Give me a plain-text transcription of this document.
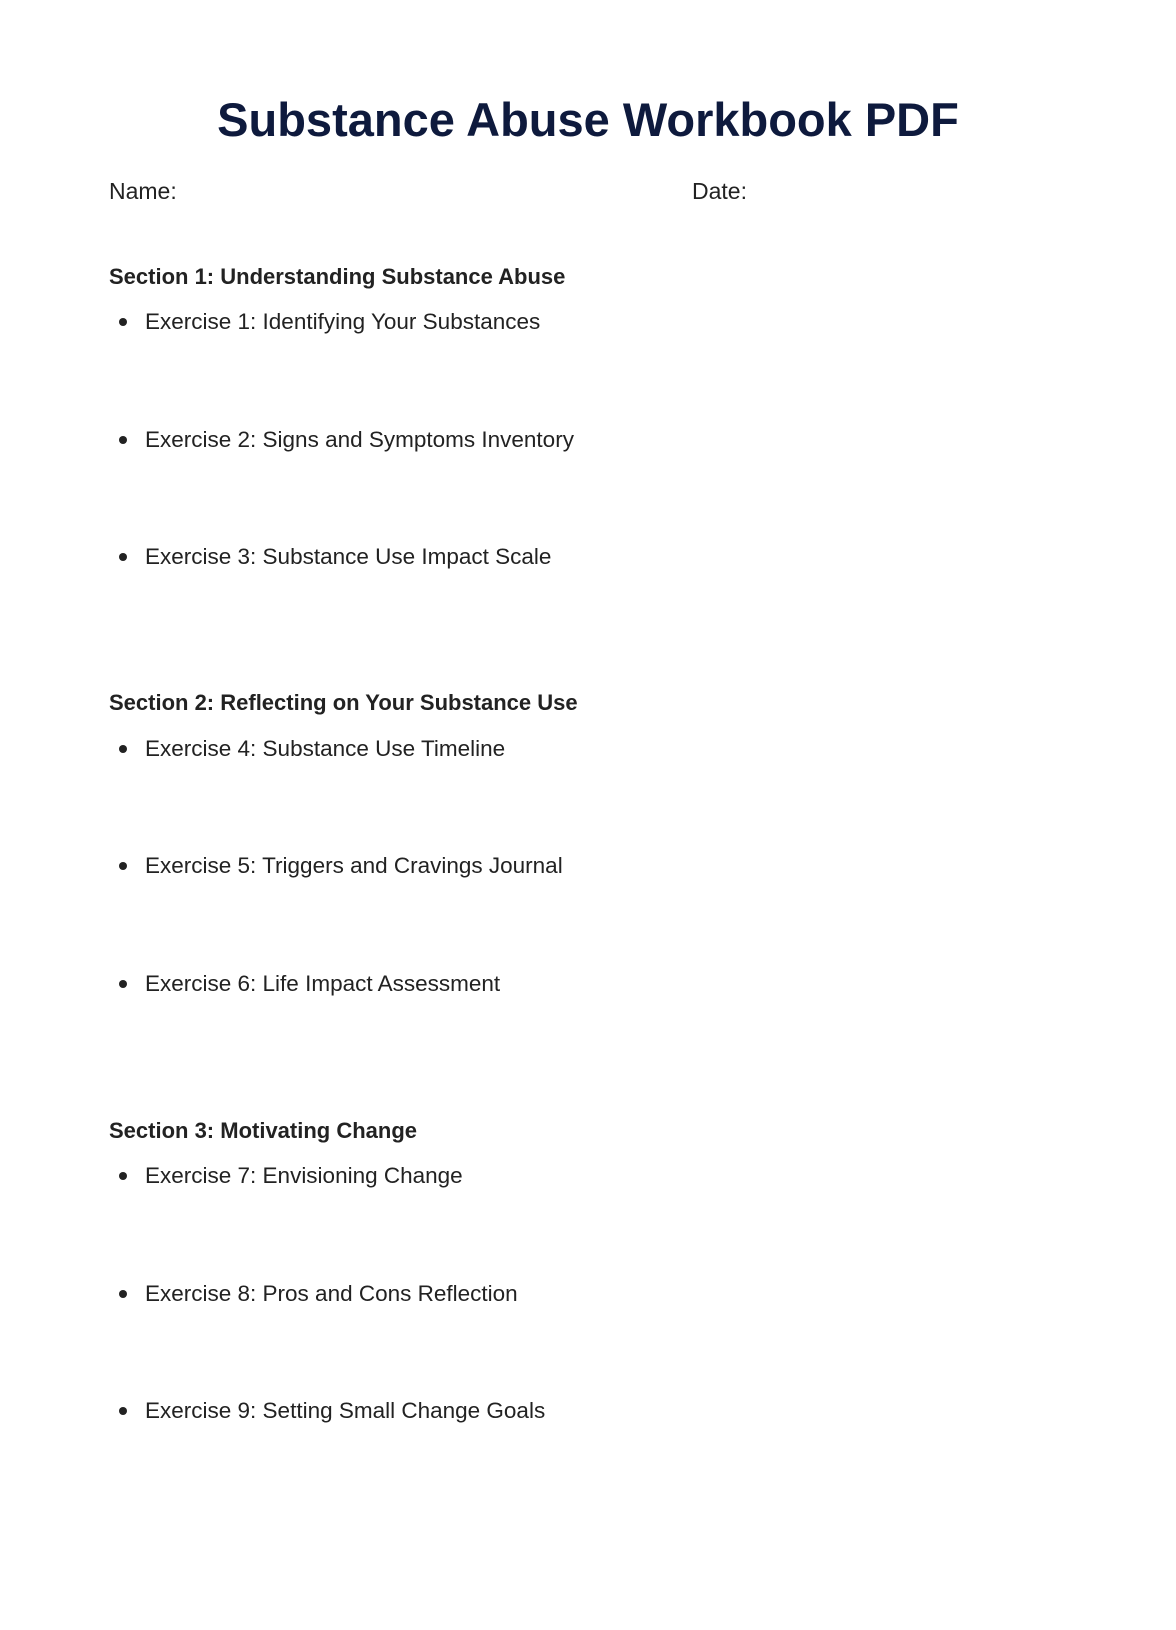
Substance Abuse Workbook PDF
Name:	Date:
Section 1: Understanding Substance Abuse
Exercise 1: Identifying Your Substances
Exercise 2: Signs and Symptoms Inventory
Exercise 3: Substance Use Impact Scale
Section 2: Reflecting on Your Substance Use
Exercise 4: Substance Use Timeline
Exercise 5: Triggers and Cravings Journal
Exercise 6: Life Impact Assessment
Section 3: Motivating Change
Exercise 7: Envisioning Change
Exercise 8: Pros and Cons Reflection
Exercise 9: Setting Small Change Goals
